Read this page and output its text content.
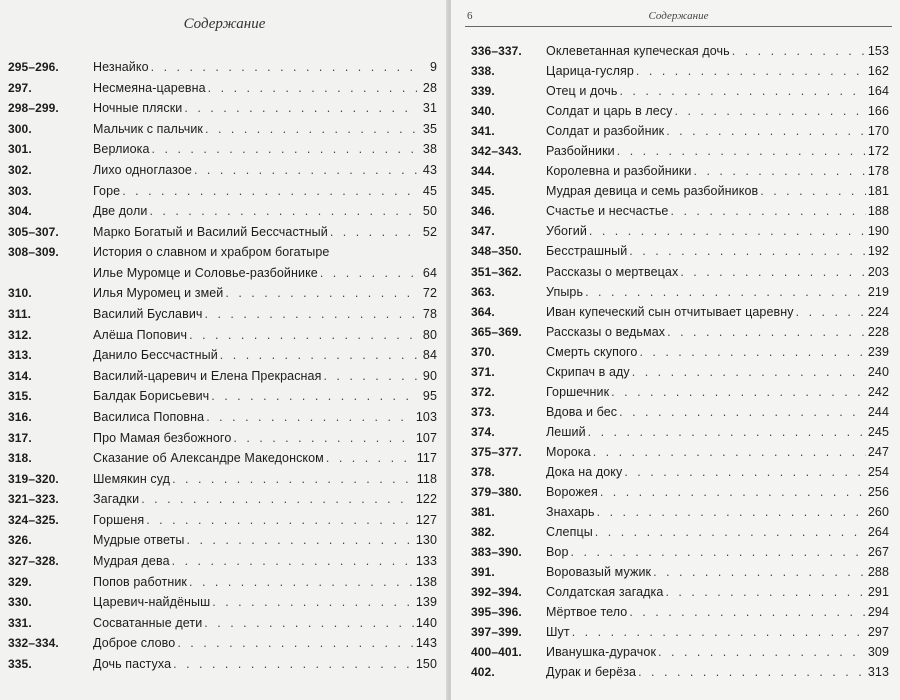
Содержание
295–296.	Незнайко . . .	9
297.	Несмеяна-царевна . . .	28
298–299.	Ночные пляски . . .	31
300.	Мальчик с пальчик . . .	35
301.	Верлиока . . .	38
302.	Лихо одноглазое . . .	43
303.	Горе . . .	45
304.	Две доли . . .	50
305–307.	Марко Богатый и Василий Бессчастный . . .	52
308–309.	История о славном и храбром богатыре
Илье Муромце и Соловье-разбойнике . . .	64
310.	Илья Муромец и змей . . .	72
311.	Василий Буславич . . .	78
312.	Алёша Попович . . .	80
313.	Данило Бессчастный . . .	84
314.	Василий-царевич и Елена Прекрасная . . .	90
315.	Балдак Борисьевич . . .	95
316.	Василиса Поповна . . .	103
317.	Про Мамая безбожного . . .	107
318.	Сказание об Александре Македонском . . .	117
319–320.	Шемякин суд . . .	118
321–323.	Загадки . . .	122
324–325.	Горшеня . . .	127
326.	Мудрые ответы . . .	130
327–328.	Мудрая дева . . .	133
329.	Попов работник . . .	138
330.	Царевич-найдёныш . . .	139
331.	Сосватанные дети . . .	140
332–334.	Доброе слово . . .	143
335.	Дочь пастуха . . .	150
6	Содержание
336–337. Оклеветанная купеческая дочь . . .	153
338.	Царица-гусляр . . .	162
339.	Отец и дочь . . .	164
340.	Солдат и царь в лесу . . .	166
341.	Солдат и разбойник . . .	170
342–343. Разбойники . . .	172
344.	Королевна и разбойники . . .	178
345.	Мудрая девица и семь разбойников . . .	181
346.	Счастье и несчастье . . .	188
347.	Убогий . . .	190
348–350. Бесстрашный . . .	192
351–362. Рассказы о мертвецах . . .	203
363.	Упырь . . .	219
364.	Иван купеческий сын отчитывает царевну . . .	224
365–369. Рассказы о ведьмах . . .	228
370.	Смерть скупого . . .	239
371.	Скрипач в аду . . .	240
372.	Горшечник . . .	242
373.	Вдова и бес . . .	244
374.	Леший . . .	245
375–377. Морока . . .	247
378.	Дока на доку . . .	254
379–380. Ворожея . . .	256
381.	Знахарь . . .	260
382.	Слепцы . . .	264
383–390. Вор . . .	267
391.	Воровазый мужик . . .	288
392–394. Солдатская загадка . . .	291
395–396. Мёртвое тело . . .	294
397–399. Шут . . .	297
400–401. Иванушка-дурачок . . .	309
402.	Дурак и берёза . . .	313
